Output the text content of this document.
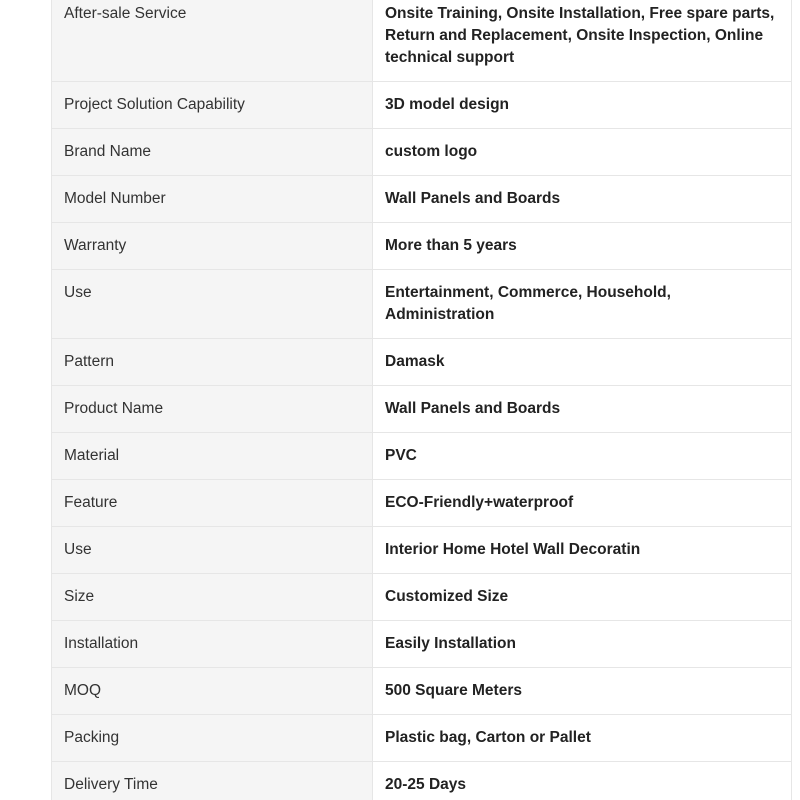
After-sale Service	Onsite Training, Onsite Installation, Free spare parts, Return and Replacement, Onsite Inspection, Online technical support
Project Solution Capability	3D model design
Brand Name	custom logo
Model Number	Wall Panels and Boards
Warranty	More than 5 years
Use	Entertainment, Commerce, Household, Administration
Pattern	Damask
Product Name	Wall Panels and Boards
Material	PVC
Feature	ECO-Friendly+waterproof
Use	Interior Home Hotel Wall Decoratin
Size	Customized Size
Installation	Easily Installation
MOQ	500 Square Meters
Packing	Plastic bag, Carton or Pallet
Delivery Time	20-25 Days
